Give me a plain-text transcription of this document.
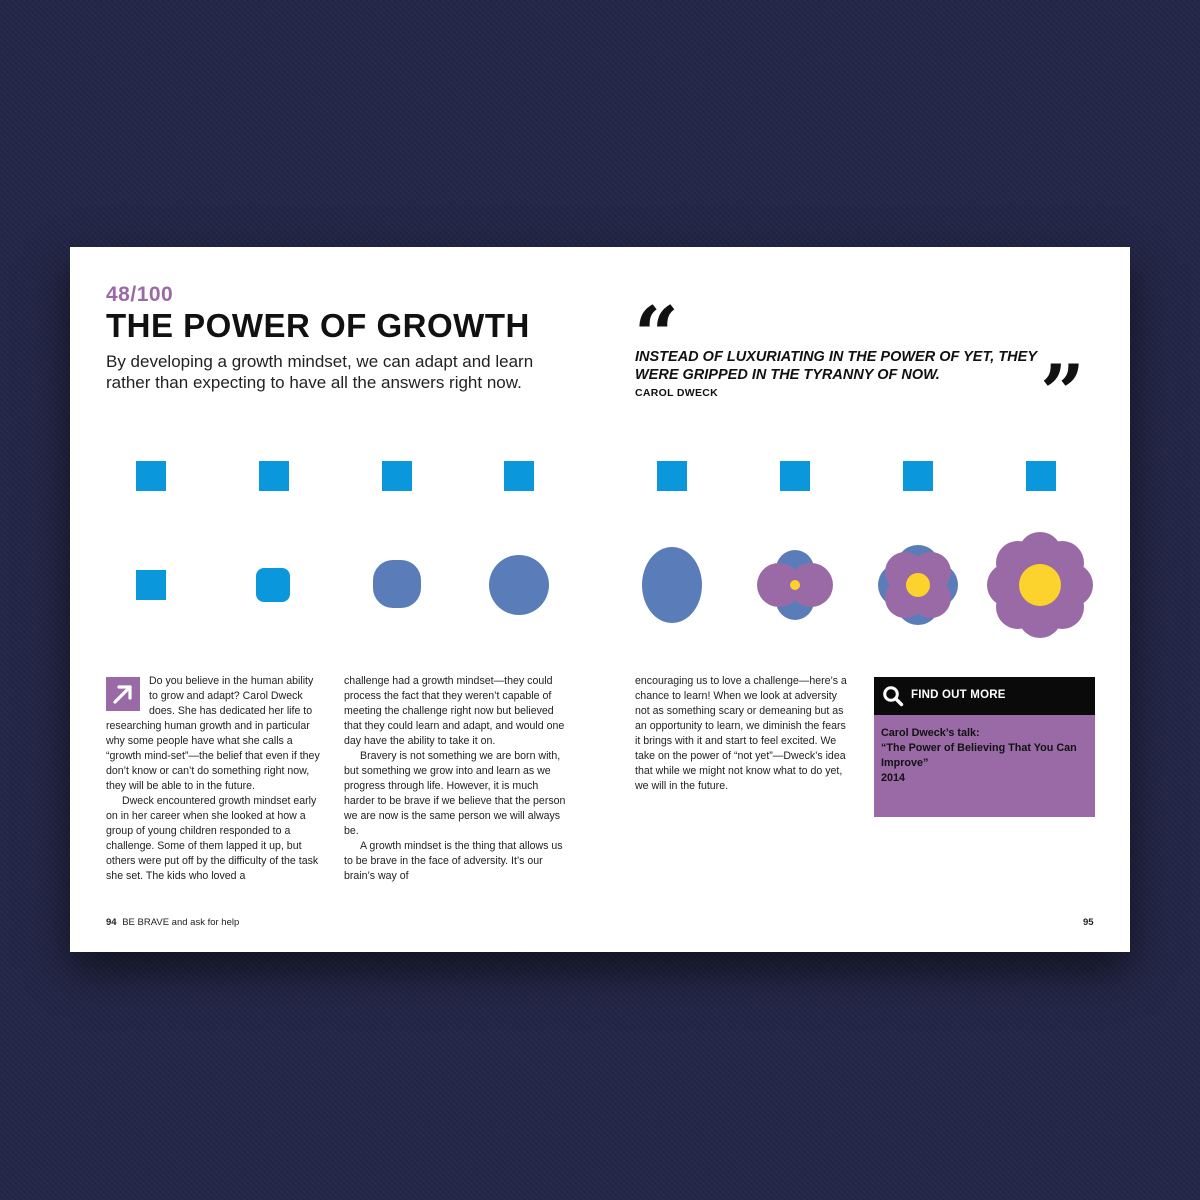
48/100
THE POWER OF GROWTH
By developing a growth mindset, we can adapt and learn rather than expecting to have all the answers right now.
“
INSTEAD OF LUXURIATING IN THE POWER OF YET, THEY WERE GRIPPED IN THE TYRANNY OF NOW.
CAROL DWECK	”

Do you believe in the human ability to grow and adapt? Carol Dweck does. She has dedicated her life to researching human growth and in particular why some people have what she calls a “growth mind-set”—the belief that even if they don’t know or can’t do something right now, they will be able to in the future.

Dweck encountered growth mindset early on in her career when she looked at how a group of young children responded to a challenge. Some of them lapped it up, but others were put off by the difficulty of the task she set. The kids who loved a

challenge had a growth mindset—they could process the fact that they weren’t capable of meeting the challenge right now but believed that they could learn and adapt, and would one day have the ability to take it on.

Bravery is not something we are born with, but something we grow into and learn as we progress through life. However, it is much harder to be brave if we believe that the person we are now is the same person we will always be.

A growth mindset is the thing that allows us to be brave in the face of adversity. It’s our brain’s way of

encouraging us to love a challenge—here’s a chance to learn! When we look at adversity not as something scary or demeaning but as an opportunity to learn, we diminish the fears it brings with it and start to feel excited. We take on the power of “not yet”—Dweck’s idea that while we might not know what to do yet, we will in the future.

FIND OUT MORE
Carol Dweck’s talk:
“The Power of Believing That You Can Improve”
2014
94 BE BRAVE and ask for help	95
